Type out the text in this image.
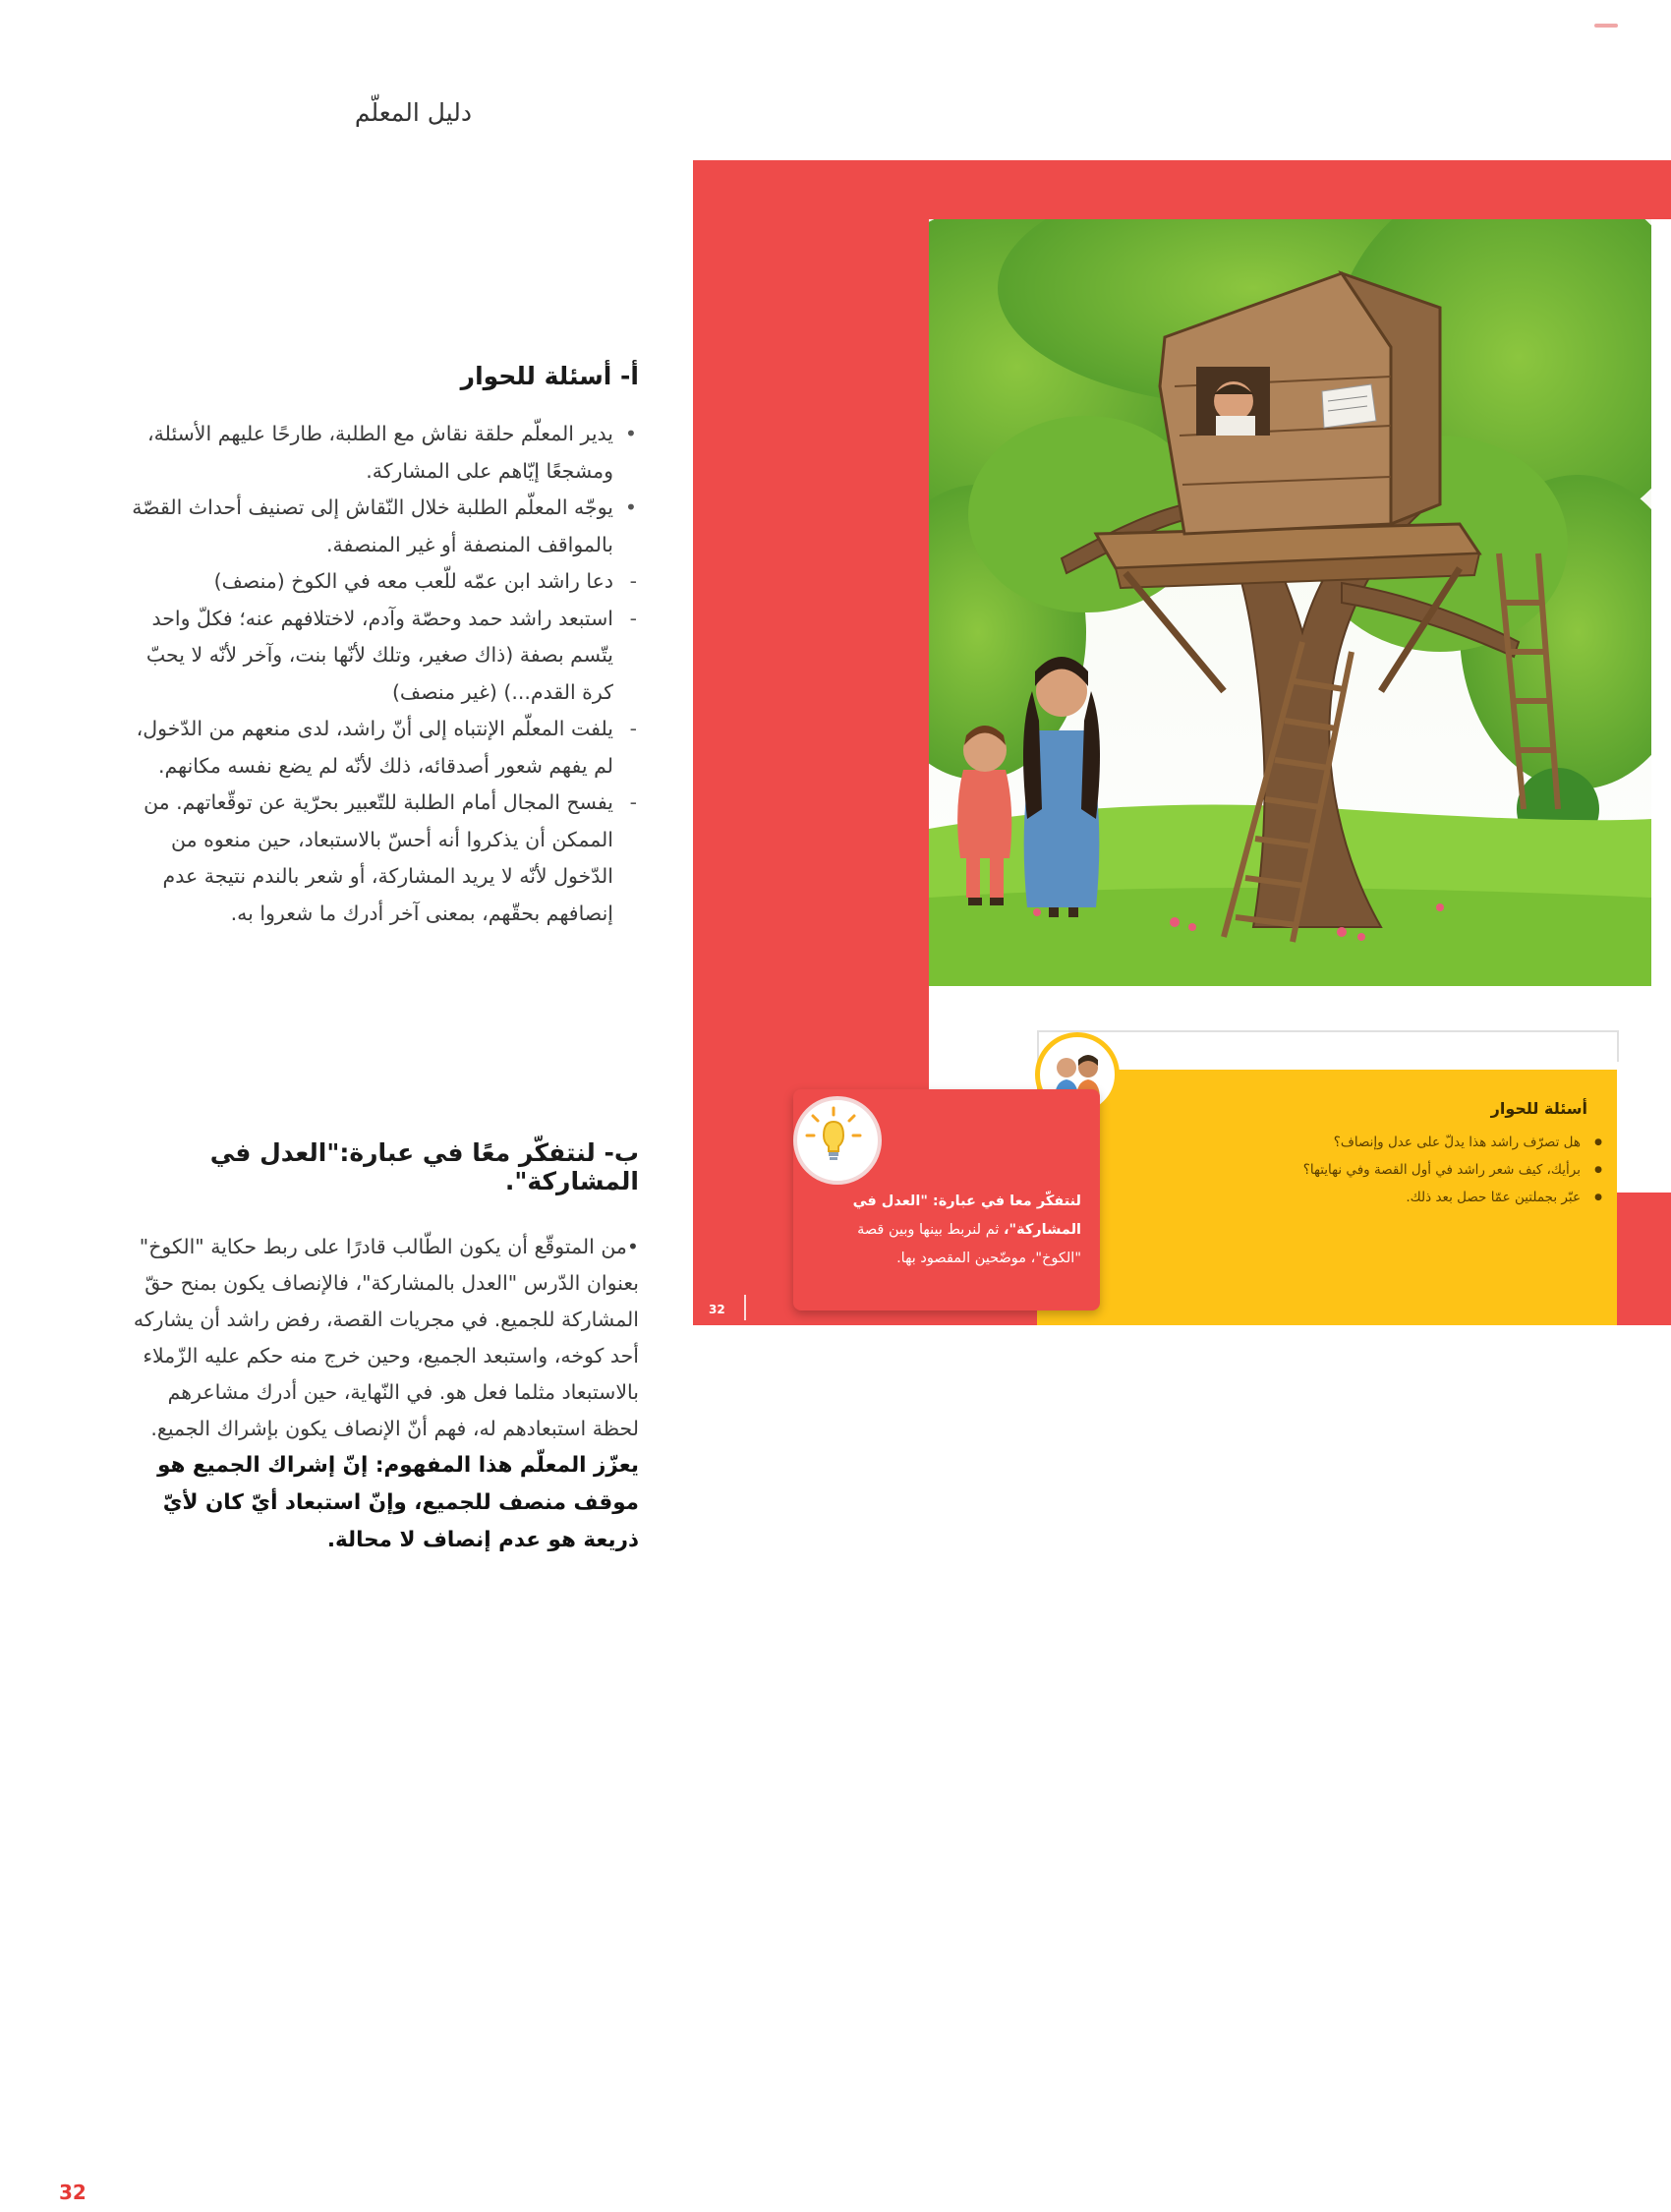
دليل المعلّم
أ- أسئلة للحوار
• يدير المعلّم حلقة نقاش مع الطلبة، طارحًا عليهم الأسئلة، ومشجعًا إيّاهم على المشاركة.
• يوجّه المعلّم الطلبة خلال النّقاش إلى تصنيف أحداث القصّة بالمواقف المنصفة أو غير المنصفة.
- دعا راشد ابن عمّه للّعب معه في الكوخ (منصف)
- استبعد راشد حمد وحصّة وآدم، لاختلافهم عنه؛ فكلّ واحد يتّسم بصفة (ذاك صغير، وتلك لأنّها بنت، وآخر لأنّه لا يحبّ كرة القدم...) (غير منصف)
- يلفت المعلّم الإنتباه إلى أنّ راشد، لدى منعهم من الدّخول، لم يفهم شعور أصدقائه، ذلك لأنّه لم يضع نفسه مكانهم.
- يفسح المجال أمام الطلبة للتّعبير بحرّية عن توقّعاتهم. من الممكن أن يذكروا أنه أحسّ بالاستبعاد، حين منعوه من الدّخول لأنّه لا يريد المشاركة، أو شعر بالندم نتيجة عدم إنصافهم بحقّهم، بمعنى آخر أدرك ما شعروا به.
ب- لنتفكّر معًا في عبارة:"العدل في المشاركة".

•من المتوقّع أن يكون الطّالب قادرًا على ربط حكاية "الكوخ" بعنوان الدّرس "العدل بالمشاركة"، فالإنصاف يكون بمنح حقّ المشاركة للجميع. في مجريات القصة، رفض راشد أن يشاركه أحد كوخه، واستبعد الجميع، وحين خرج منه حكم عليه الزّملاء بالاستبعاد مثلما فعل هو. في النّهاية، حين أدرك مشاعرهم لحظة استبعادهم له، فهم أنّ الإنصاف يكون بإشراك الجميع.

يعزّز المعلّم هذا المفهوم: إنّ إشراك الجميع هو موقف منصف للجميع، وإنّ استبعاد أيّ كان لأيّ ذريعة هو عدم إنصاف لا محالة.

أسئلة للحوار
● هل تصرّف راشد هذا يدلّ على عدل وإنصاف؟
● برأيك، كيف شعر راشد في أول القصة وفي نهايتها؟
● عبّر بجملتين عمّا حصل بعد ذلك.
لنتفكّر معا في عبارة: "العدل في المشاركة"، ثم لنربط بينها وبين قصة "الكوخ"، موضّحين المقصود بها.
32
32
